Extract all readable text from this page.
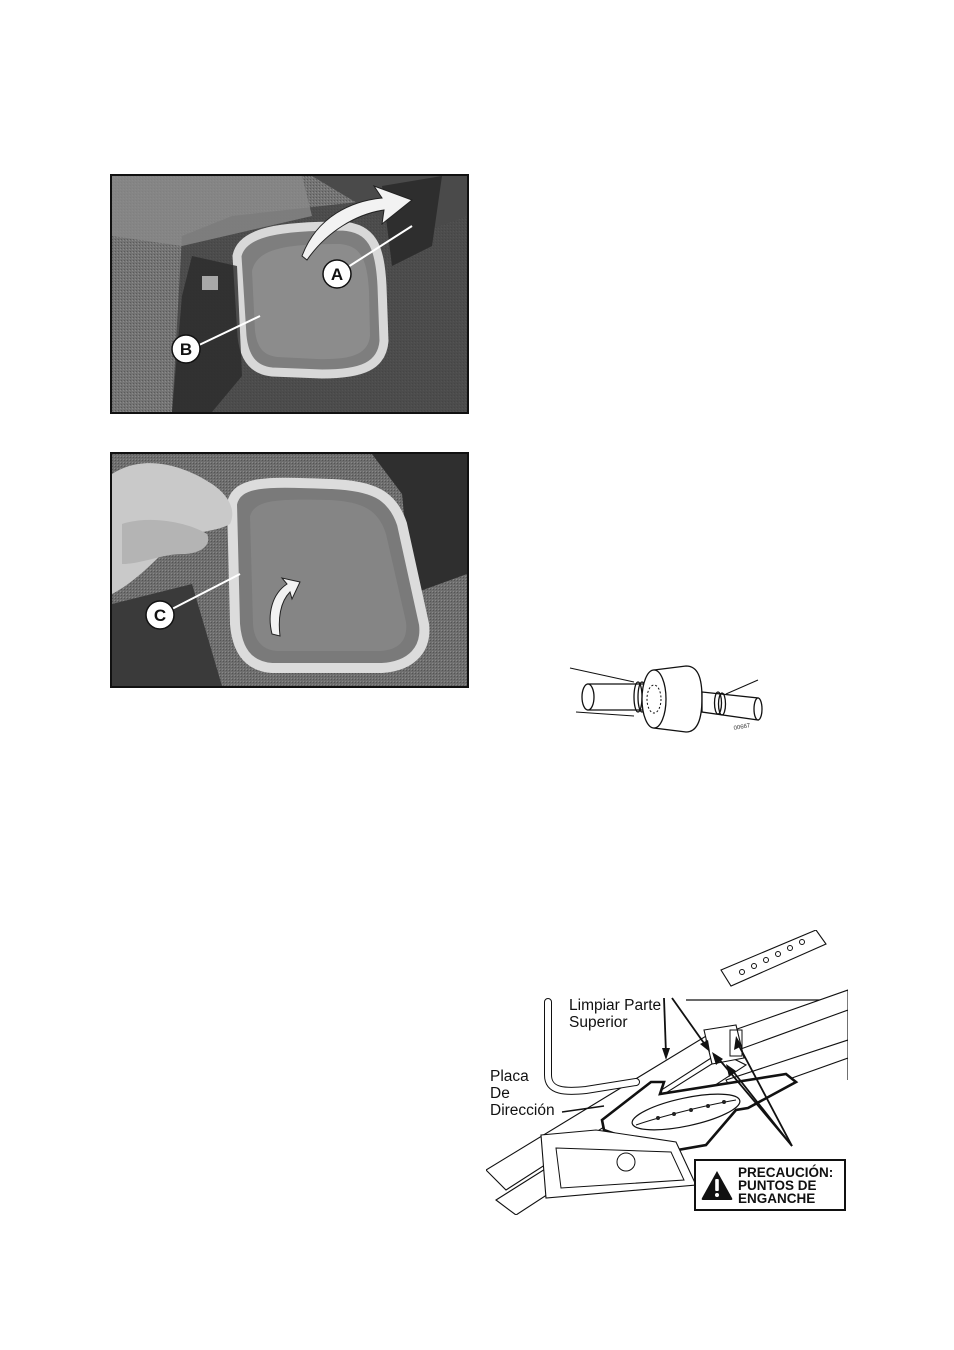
A
B
C
00667
Limpiar Parte
Superior
Placa
De
Dirección
PRECAUCIÓN:
PUNTOS DE
ENGANCHE
